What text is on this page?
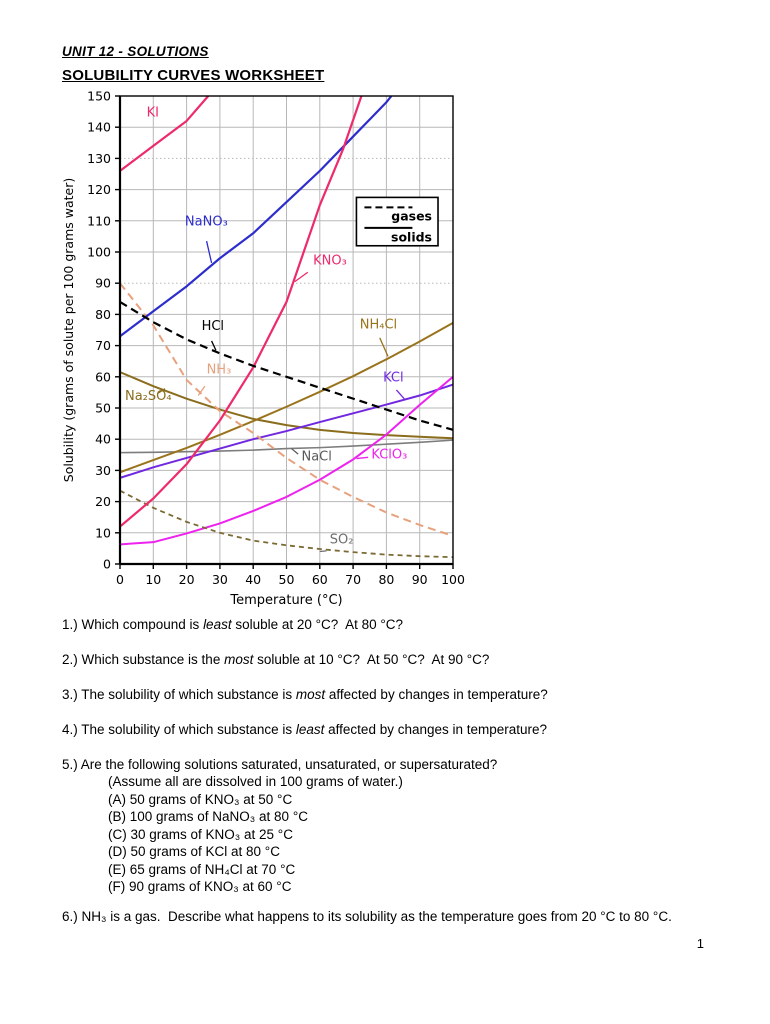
UNIT 12 - SOLUTIONS
SOLUBILITY CURVES WORKSHEET
0 10 20 30 40 50 60 70 80 90 100
0
10
20
30
40
50
60
70
80
90
100
110
120
130
140
150
Temperature (°C)
Solubility (grams of solute per 100 grams water)	NaCl
Na₂SO₄
NH₄Cl
KCl
KClO₃
SO₂
NH₃
NaNO₃
KNO₃
KI
HCl
gases
solids

1.) Which compound is least soluble at 20 °C?  At 80 °C?

2.) Which substance is the most soluble at 10 °C?  At 50 °C?  At 90 °C?

3.) The solubility of which substance is most affected by changes in temperature?

4.) The solubility of which substance is least affected by changes in temperature?

5.) Are the following solutions saturated, unsaturated, or supersaturated?

(Assume all are dissolved in 100 grams of water.)
(A) 50 grams of KNO₃ at 50 °C
(B) 100 grams of NaNO₃ at 80 °C
(C) 30 grams of KNO₃ at 25 °C
(D) 50 grams of KCl at 80 °C
(E) 65 grams of NH₄Cl at 70 °C
(F) 90 grams of KNO₃ at 60 °C

6.) NH₃ is a gas.  Describe what happens to its solubility as the temperature goes from 20 °C to 80 °C.

1
